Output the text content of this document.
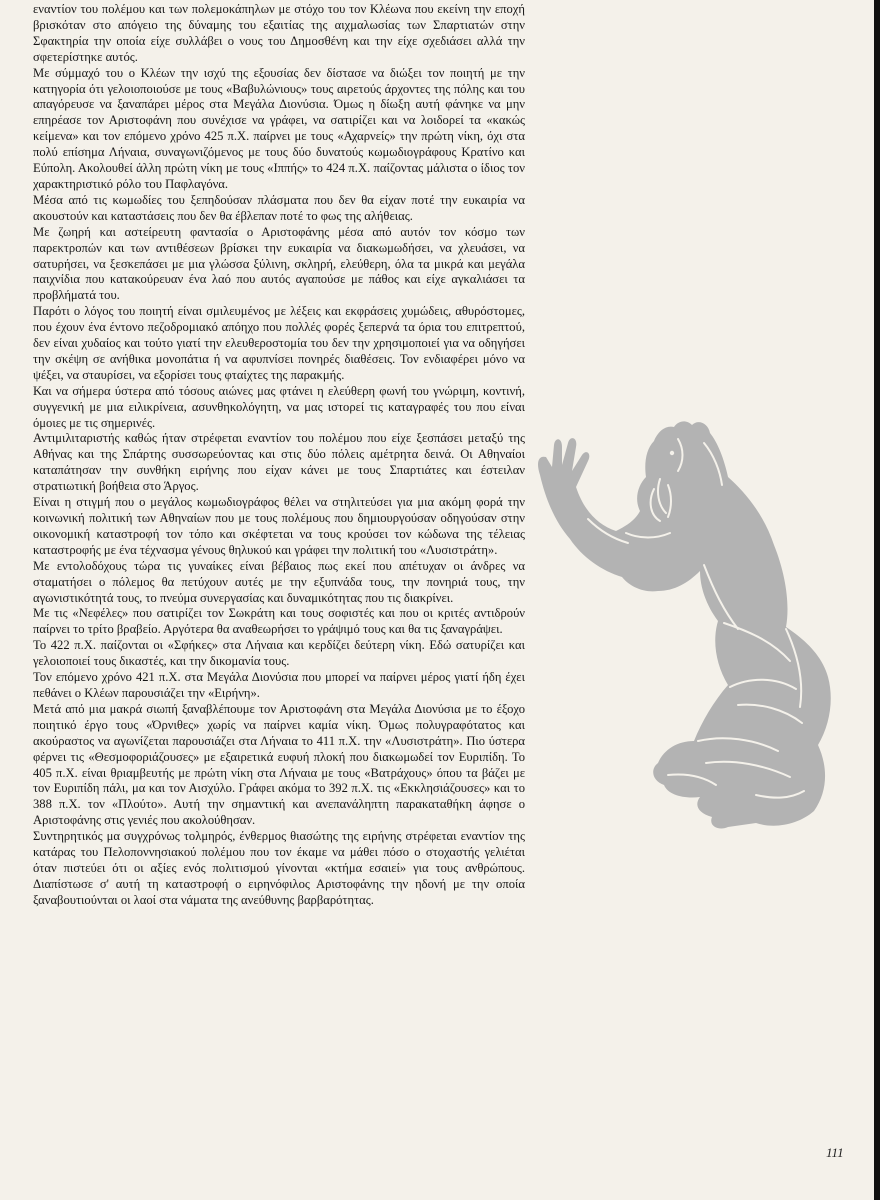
εναντίον του πολέμου και των πολεμοκάπηλων με στόχο του τον Κλέωνα που εκείνη την εποχή βρισκόταν στο απόγειο της δύναμης του εξαιτίας της αιχμαλωσίας των Σπαρτιατών στην Σφακτηρία την οποία είχε συλλάβει ο νους του Δημοσθένη και την είχε σχεδιάσει αλλά την σφετερίστηκε αυτός.

Με σύμμαχό του ο Κλέων την ισχύ της εξουσίας δεν δίστασε να διώξει τον ποιητή με την κατηγορία ότι γελοιοποιούσε με τους «Βαβυλώνιους» τους αιρετούς άρχοντες της πόλης και του απαγόρευσε να ξαναπάρει μέρος στα Μεγάλα Διονύσια. Όμως η δίωξη αυτή φάνηκε να μην επηρέασε τον Αριστοφάνη που συνέχισε να γράφει, να σατιρίζει και να λοιδορεί τα «κακώς κείμενα» και τον επόμενο χρόνο 425 π.Χ. παίρνει με τους «Αχαρνείς» την πρώτη νίκη, όχι στα πολύ επίσημα Λήναια, συναγωνιζόμενος με τους δύο δυνατούς κωμωδιογράφους Κρατίνο και Εύπολη. Ακολουθεί άλλη πρώτη νίκη με τους «Ιππής» το 424 π.Χ. παίζοντας μάλιστα ο ίδιος τον χαρακτηριστικό ρόλο του Παφλαγόνα.

Μέσα από τις κωμωδίες του ξεπηδούσαν πλάσματα που δεν θα είχαν ποτέ την ευκαιρία να ακουστούν και καταστάσεις που δεν θα έβλεπαν ποτέ το φως της αλήθειας.

Με ζωηρή και αστείρευτη φαντασία ο Αριστοφάνης μέσα από αυτόν τον κόσμο των παρεκτροπών και των αντιθέσεων βρίσκει την ευκαιρία να διακωμωδήσει, να χλευάσει, να σατυρήσει, να ξεσκεπάσει με μια γλώσσα ξύλινη, σκληρή, ελεύθερη, όλα τα μικρά και μεγάλα παιχνίδια που κατακούρευαν ένα λαό που αυτός αγαπούσε με πάθος και είχε αγκαλιάσει τα προβλήματά του.

Παρότι ο λόγος του ποιητή είναι σμιλευμένος με λέξεις και εκφράσεις χυμώδεις, αθυρόστομες, που έχουν ένα έντονο πεζοδρομιακό απόηχο που πολλές φορές ξεπερνά τα όρια του επιτρεπτού, δεν είναι χυδαίος και τούτο γιατί την ελευθεροστομία του δεν την χρησιμοποιεί για να οδηγήσει την σκέψη σε ανήθικα μονοπάτια ή να αφυπνίσει πονηρές διαθέσεις. Τον ενδιαφέρει μόνο να ψέξει, να σταυρίσει, να εξορίσει τους φταίχτες της παρακμής.

Και να σήμερα ύστερα από τόσους αιώνες μας φτάνει η ελεύθερη φωνή του γνώριμη, κοντινή, συγγενική με μια ειλικρίνεια, ασυνθηκολόγητη, να μας ιστορεί τις καταγραφές του που είναι όμοιες με τις σημερινές.

Αντιμιλιταριστής καθώς ήταν στρέφεται εναντίον του πολέμου που είχε ξεσπάσει μεταξύ της Αθήνας και της Σπάρτης συσσωρεύοντας και στις δύο πόλεις αμέτρητα δεινά. Οι Αθηναίοι καταπάτησαν την συνθήκη ειρήνης που είχαν κάνει με τους Σπαρτιάτες και έστειλαν στρατιωτική βοήθεια στο Άργος.

Είναι η στιγμή που ο μεγάλος κωμωδιογράφος θέλει να στηλιτεύσει για μια ακόμη φορά την κοινωνική πολιτική των Αθηναίων που με τους πολέμους που δημιουργούσαν οδηγούσαν στην οικονομική καταστροφή τον τόπο και σκέφτεται να τους κρούσει τον κώδωνα της τέλειας καταστροφής με ένα τέχνασμα γένους θηλυκού και γράφει την πολιτική του «Λυσιστράτη».

Με εντολοδόχους τώρα τις γυναίκες είναι βέβαιος πως εκεί που απέτυχαν οι άνδρες να σταματήσει ο πόλεμος θα πετύχουν αυτές με την εξυπνάδα τους, την πονηριά τους, την αγωνιστικότητά τους, το πνεύμα συνεργασίας και δυναμικότητας που τις διακρίνει.

Με τις «Νεφέλες» που σατιρίζει τον Σωκράτη και τους σοφιστές και που οι κριτές αντιδρούν παίρνει το τρίτο βραβείο. Αργότερα θα αναθεωρήσει το γράψιμό τους και θα τις ξαναγράψει.

Το 422 π.Χ. παίζονται οι «Σφήκες» στα Λήναια και κερδίζει δεύτερη νίκη. Εδώ σατυρίζει και γελοιοποιεί τους δικαστές, και την δικομανία τους.

Τον επόμενο χρόνο 421 π.Χ. στα Μεγάλα Διονύσια που μπορεί να παίρνει μέρος γιατί ήδη έχει πεθάνει ο Κλέων παρουσιάζει την «Ειρήνη».

Μετά από μια μακρά σιωπή ξαναβλέπουμε τον Αριστοφάνη στα Μεγάλα Διονύσια με το έξοχο ποιητικό έργο τους «Όρνιθες» χωρίς να παίρνει καμία νίκη. Όμως πολυγραφότατος και ακούραστος να αγωνίζεται παρουσιάζει στα Λήναια το 411 π.Χ. την «Λυσιστράτη». Πιο ύστερα φέρνει τις «Θεσμοφοριάζουσες» με εξαιρετικά ευφυή πλοκή που διακωμωδεί τον Ευριπίδη. Το 405 π.Χ. είναι θριαμβευτής με πρώτη νίκη στα Λήναια με τους «Βατράχους» όπου τα βάζει με τον Ευριπίδη πάλι, μα και τον Αισχύλο. Γράφει ακόμα το 392 π.Χ. τις «Εκκλησιάζουσες» και το 388 π.Χ. τον «Πλούτο». Αυτή την σημαντική και ανεπανάληπτη παρακαταθήκη άφησε ο Αριστοφάνης στις γενιές που ακολούθησαν.

Συντηρητικός μα συγχρόνως τολμηρός, ένθερμος θιασώτης της ειρήνης στρέφεται εναντίον της κατάρας του Πελοποννησιακού πολέμου που τον έκαμε να μάθει πόσο ο στοχαστής γελιέται όταν πιστεύει ότι οι αξίες ενός πολιτισμού γίνονται «κτήμα εσαιεί» για τους ανθρώπους. Διαπίστωσε σ' αυτή τη καταστροφή ο ειρηνόφιλος Αριστοφάνης την ηδονή με την οποία ξαναβουτιούνται οι λαοί στα νάματα της ανεύθυνης βαρβαρότητας.

111
